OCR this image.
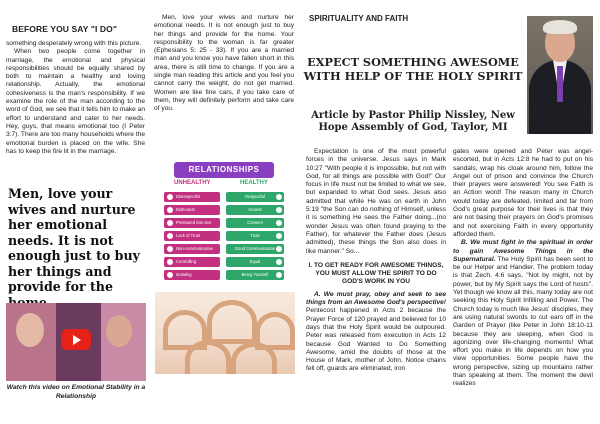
BEFORE YOU SAY "I DO"

something desperately wrong with this picture.

When two people come together in marriage, the emotional and physical responsibilities should be equally shared by both to maintain a healthy and loving relationship. Actually, the emotional cohesiveness is the man's responsibility. If we examine the role of the man according to the word of God, we see that it tells him to make an effort to understand and cater to her needs. Hey, guys, that means emotional too (I Peter 3:7). There are too many households where the emotional burden is placed on the wife. She has to keep the fire lit in the marriage.

Men, love your wives and nurture her emotional needs. It is not enough just to buy her things and provide for the
Watch this video on Emotional Stability in a Relationship

Men, love your wives and nurture her emotional needs. It is not enough just to buy her things and provide for the home. Your responsibility to the woman is far greater (Ephesians 5: 25 - 33). If you are a married man and you know you have fallen short in this area, there is still time to change. If you are a single man reading this article and you feel you cannot carry the weight, do not get married. Women are like fine cars, if you take care of them, they will definitely perform and take care of you.

RELATIONSHIPS
UNHEALTHY	HEALTHY
Disrespectful	Respectful
Dishonest	Honest
Pressured into Sex	Consent
Lack of Trust	Trust
Non-communicative	Good Communication
Controlling	Equal
Isolating	Being Yourself
SPIRITUALITY AND FAITH
EXPECT SOMETHING AWESOME WITH HELP OF THE HOLY SPIRIT
Article by Pastor Philip Nissley, New Hope Assembly of God, Taylor, MI

Expectation is one of the most powerful forces in the universe. Jesus says in Mark 10:27 "With people it is impossible, but not with God, for all things are possible with God!" Our focus in life must not be limited to what we see, but expanded to what God sees. Jesus also admitted that while He was on earth in John 5:19 "the Son can do nothing of Himself, unless it is something He sees the Father doing...(no wonder Jesus was often found praying to the Father), for whatever the Father does (Jesus admitted), these things the Son also does in like manner." So...

I. TO GET READY FOR AWESOME THINGS, YOU MUST ALLOW THE SPIRIT TO DO GOD'S WORK IN YOU

A. We must pray, obey and seek to see things from an Awesome God's perspective! Pentecost happened in Acts 2 because the Prayer Force of 120 prayed and believed for 10 days that the Holy Spirit would be outpoured. Peter was released from execution in Acts 12 because God Wanted to Do Something Awesome, amid the doubts of those at the House of Mark, mother of John. Notice chains fell off, guards are eliminated, iron

gates were opened and Peter was angel-escorted, but in Acts 12:8 he had to put on his sandals, wrap his cloak around him, follow the Angel out of prison and convince the Church their prayers were answered! You see Faith is an Action word! The reason many in Church would today are defeated, limited and far from God's great purpose for their lives is that they are not basing their prayers on God's promises and not exercising Faith in every opportunity afforded them.

B. We must fight in the spiritual in order to gain Awesome Things in the Supernatural. The Holy Spirit has been sent to be our Helper and Handler. The problem today is that Zech. 4:6 says, "Not by might, not by power, but by My Spirit says the Lord of hosts". Yet though we know all this, many today are not seeking this Holy Spirit Infilling and Power. The Church today is much like Jesus' disciples, they are using natural swords to cut ears off in the Garden of Prayer (like Peter in John 18:10-11 because they are sleeping, when God is agonizing over life-changing moments! What effort you make in life depends on how you view opportunities. Some people have the wrong perspective, sizing up mountains rather than speaking at them. The moment the devil realizes
